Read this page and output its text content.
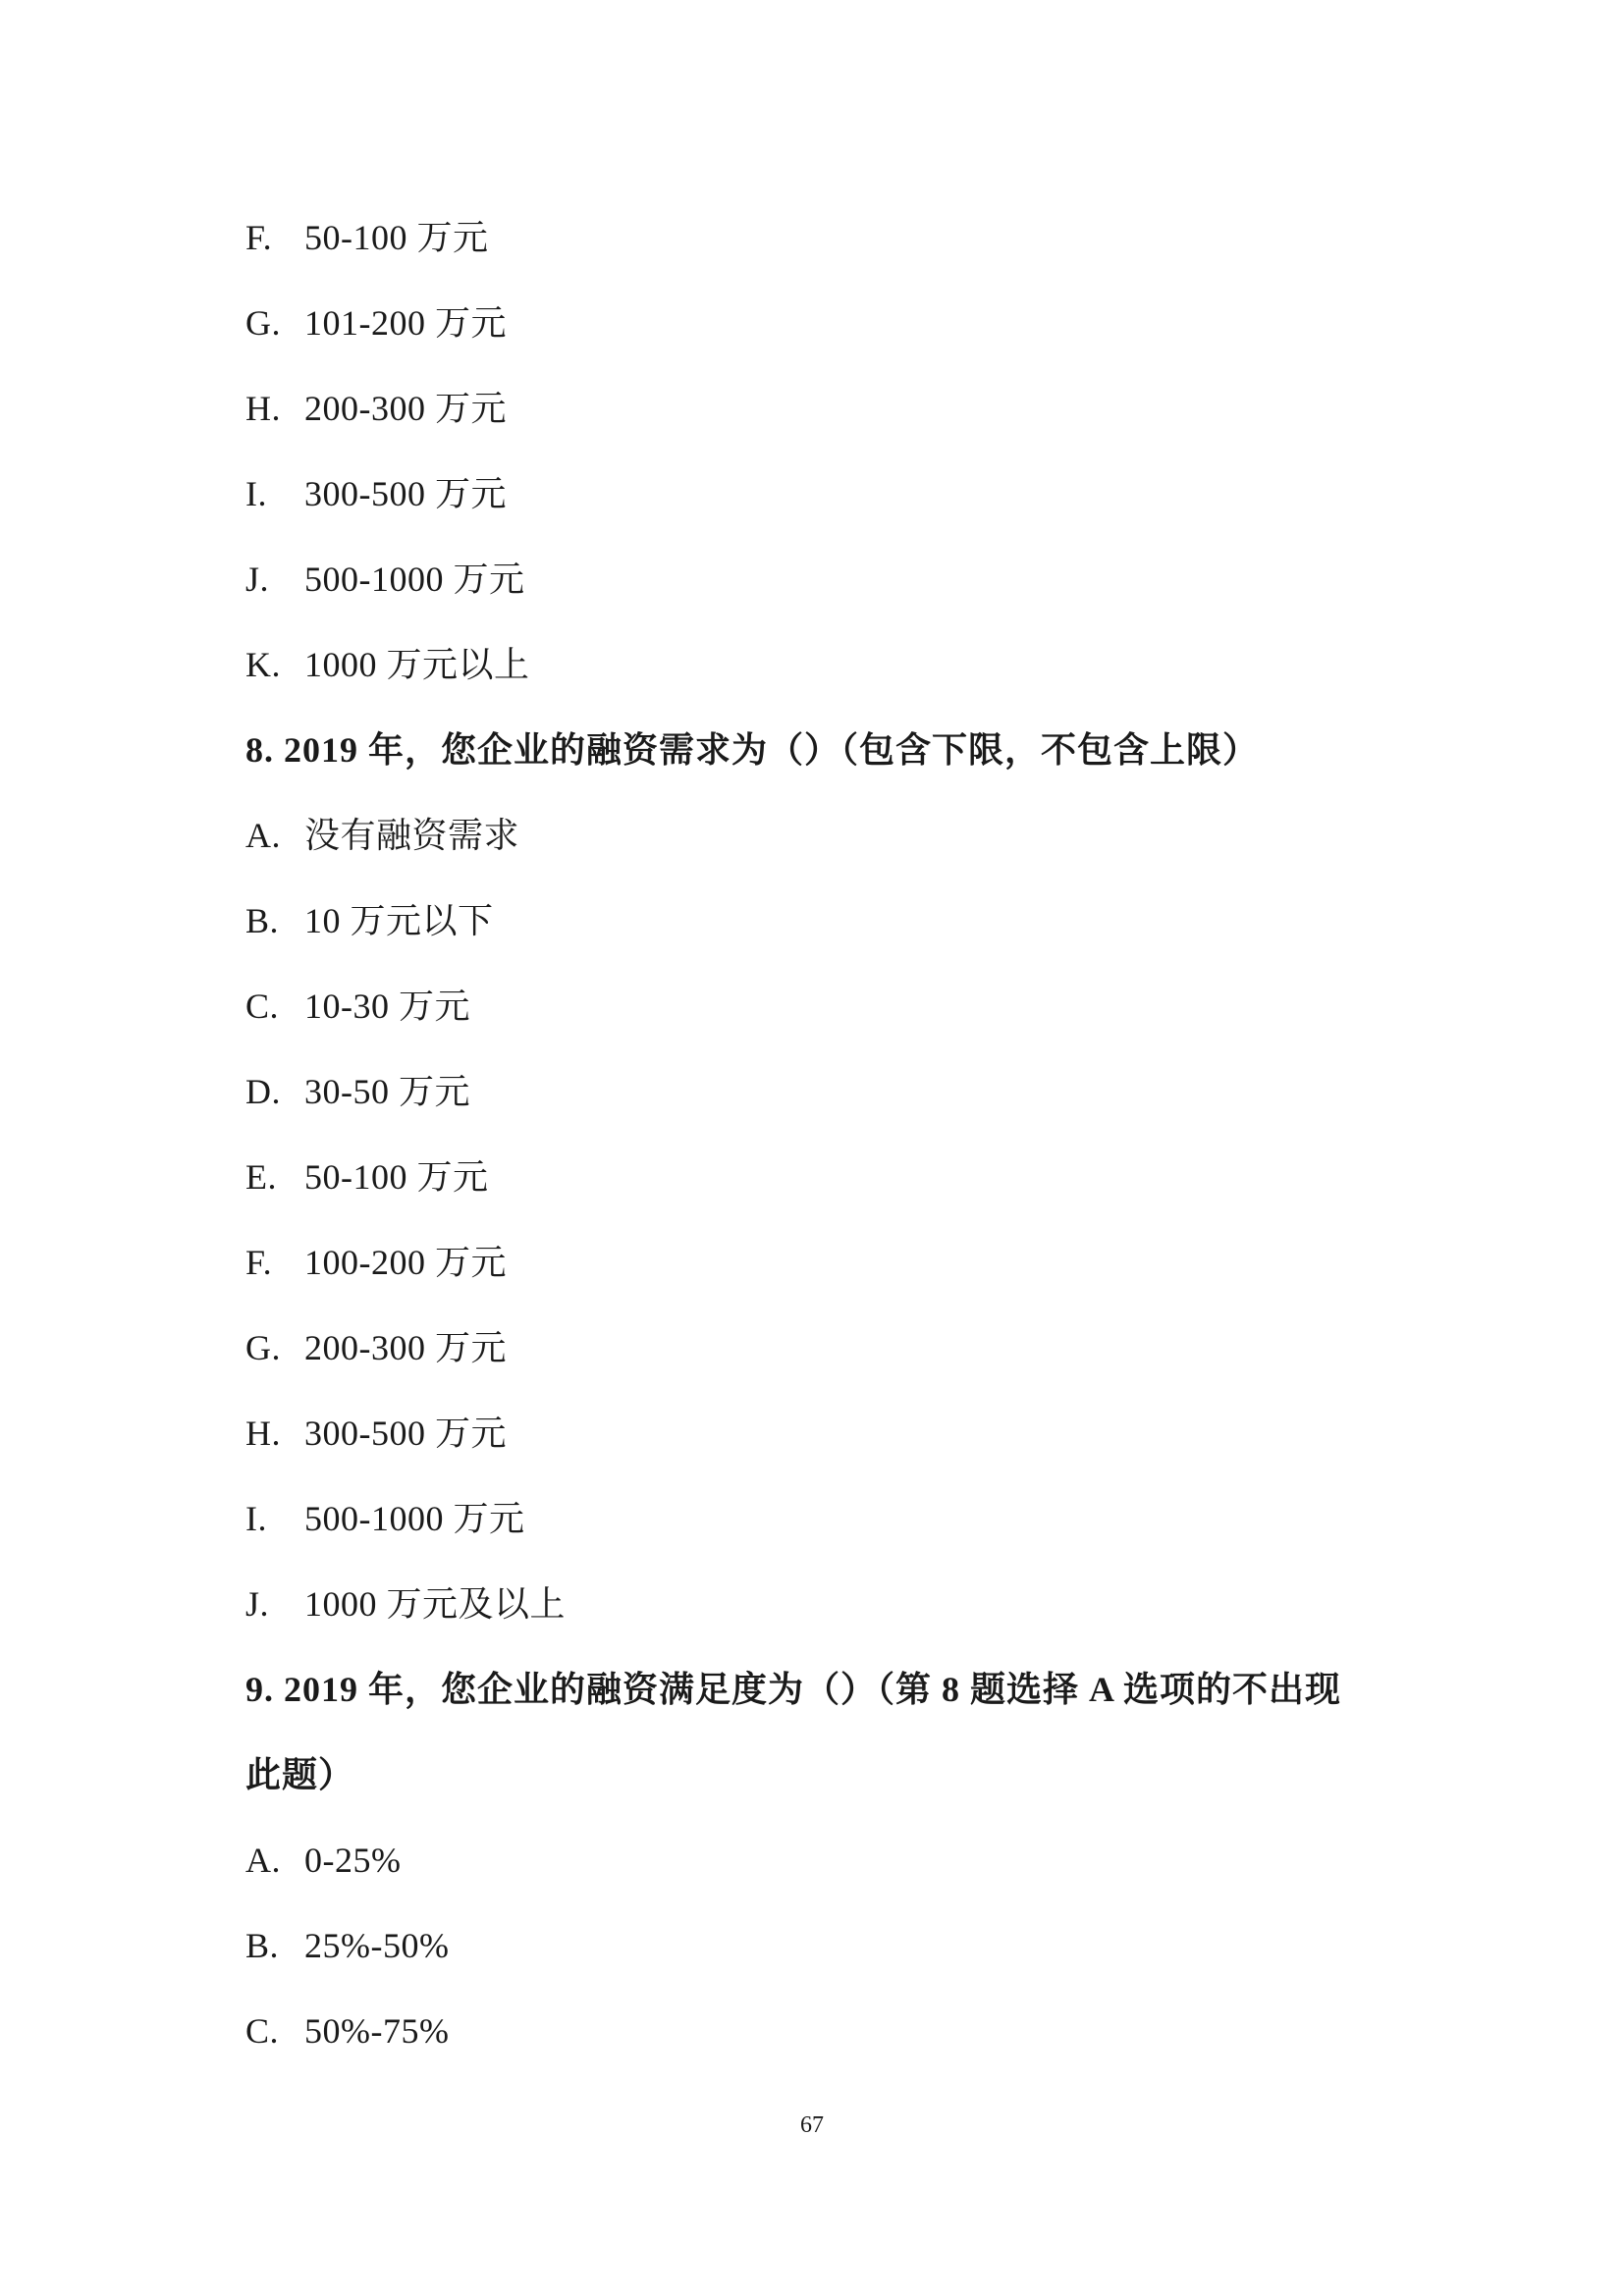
F. 50-100 万元
G. 101-200 万元
H. 200-300 万元
I. 300-500 万元
J. 500-1000 万元
K. 1000 万元以上
8. 2019 年，您企业的融资需求为（）（包含下限，不包含上限）
A. 没有融资需求
B. 10 万元以下
C. 10-30 万元
D. 30-50 万元
E. 50-100 万元
F. 100-200 万元
G. 200-300 万元
H. 300-500 万元
I. 500-1000 万元
J. 1000 万元及以上
9. 2019 年，您企业的融资满足度为（）（第 8 题选择 A 选项的不出现
此题）
A. 0-25%
B. 25%-50%
C. 50%-75%
67
